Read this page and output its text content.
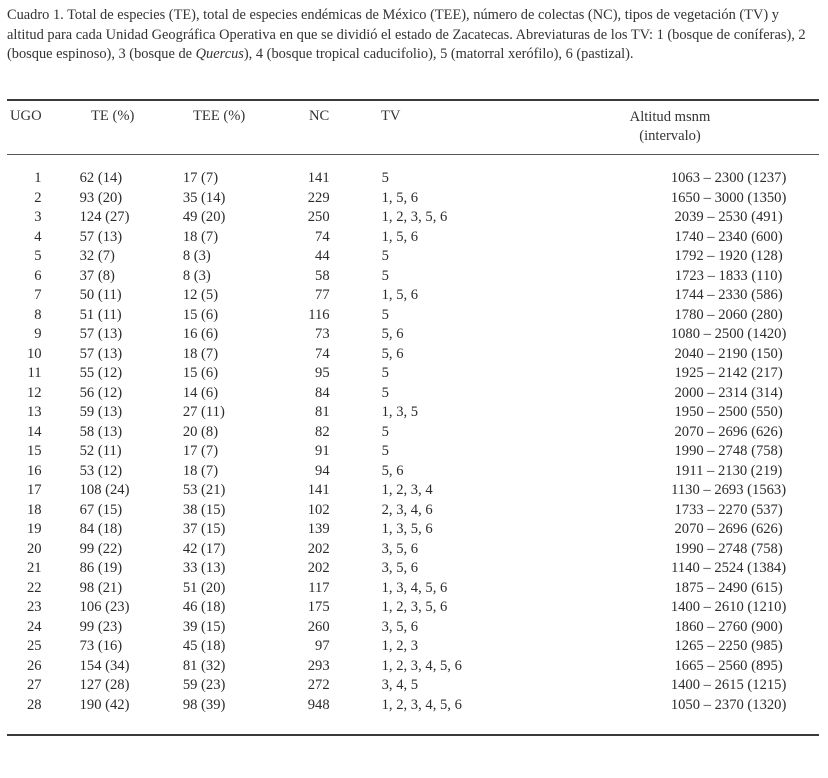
Cuadro 1. Total de especies (TE), total de especies endémicas de México (TEE), número de colectas (NC), tipos de vegetación (TV) y altitud para cada Unidad Geográfica Operativa en que se dividió el estado de Zacatecas. Abreviaturas de los TV: 1 (bosque de coníferas), 2 (bosque espinoso), 3 (bosque de Quercus), 4 (bosque tropical caducifolio), 5 (matorral xerófilo), 6 (pastizal).
UGO	TE (%)	TEE (%)	NC	TV	Altitud msnm
(intervalo)
1	62 (14)	17 (7)	141	5	1063 – 2300 (1237)
2	93 (20)	35 (14)	229	1, 5, 6	1650 – 3000 (1350)
3	124 (27)	49 (20)	250	1, 2, 3, 5, 6	2039 – 2530 (491)
4	57 (13)	18 (7)	74	1, 5, 6	1740 – 2340 (600)
5	32 (7)	8 (3)	44	5	1792 – 1920 (128)
6	37 (8)	8 (3)	58	5	1723 – 1833 (110)
7	50 (11)	12 (5)	77	1, 5, 6	1744 – 2330 (586)
8	51 (11)	15 (6)	116	5	1780 – 2060 (280)
9	57 (13)	16 (6)	73	5, 6	1080 – 2500 (1420)
10	57 (13)	18 (7)	74	5, 6	2040 – 2190 (150)
11	55 (12)	15 (6)	95	5	1925 – 2142 (217)
12	56 (12)	14 (6)	84	5	2000 – 2314 (314)
13	59 (13)	27 (11)	81	1, 3, 5	1950 – 2500 (550)
14	58 (13)	20 (8)	82	5	2070 – 2696 (626)
15	52 (11)	17 (7)	91	5	1990 – 2748 (758)
16	53 (12)	18 (7)	94	5, 6	1911 – 2130 (219)
17	108 (24)	53 (21)	141	1, 2, 3, 4	1130 – 2693 (1563)
18	67 (15)	38 (15)	102	2, 3, 4, 6	1733 – 2270 (537)
19	84 (18)	37 (15)	139	1, 3, 5, 6	2070 – 2696 (626)
20	99 (22)	42 (17)	202	3, 5, 6	1990 – 2748 (758)
21	86 (19)	33 (13)	202	3, 5, 6	1140 – 2524 (1384)
22	98 (21)	51 (20)	117	1, 3, 4, 5, 6	1875 – 2490 (615)
23	106 (23)	46 (18)	175	1, 2, 3, 5, 6	1400 – 2610 (1210)
24	99 (23)	39 (15)	260	3, 5, 6	1860 – 2760 (900)
25	73 (16)	45 (18)	97	1, 2, 3	1265 – 2250 (985)
26	154 (34)	81 (32)	293	1, 2, 3, 4, 5, 6	1665 – 2560 (895)
27	127 (28)	59 (23)	272	3, 4, 5	1400 – 2615 (1215)
28	190 (42)	98 (39)	948	1, 2, 3, 4, 5, 6	1050 – 2370 (1320)
